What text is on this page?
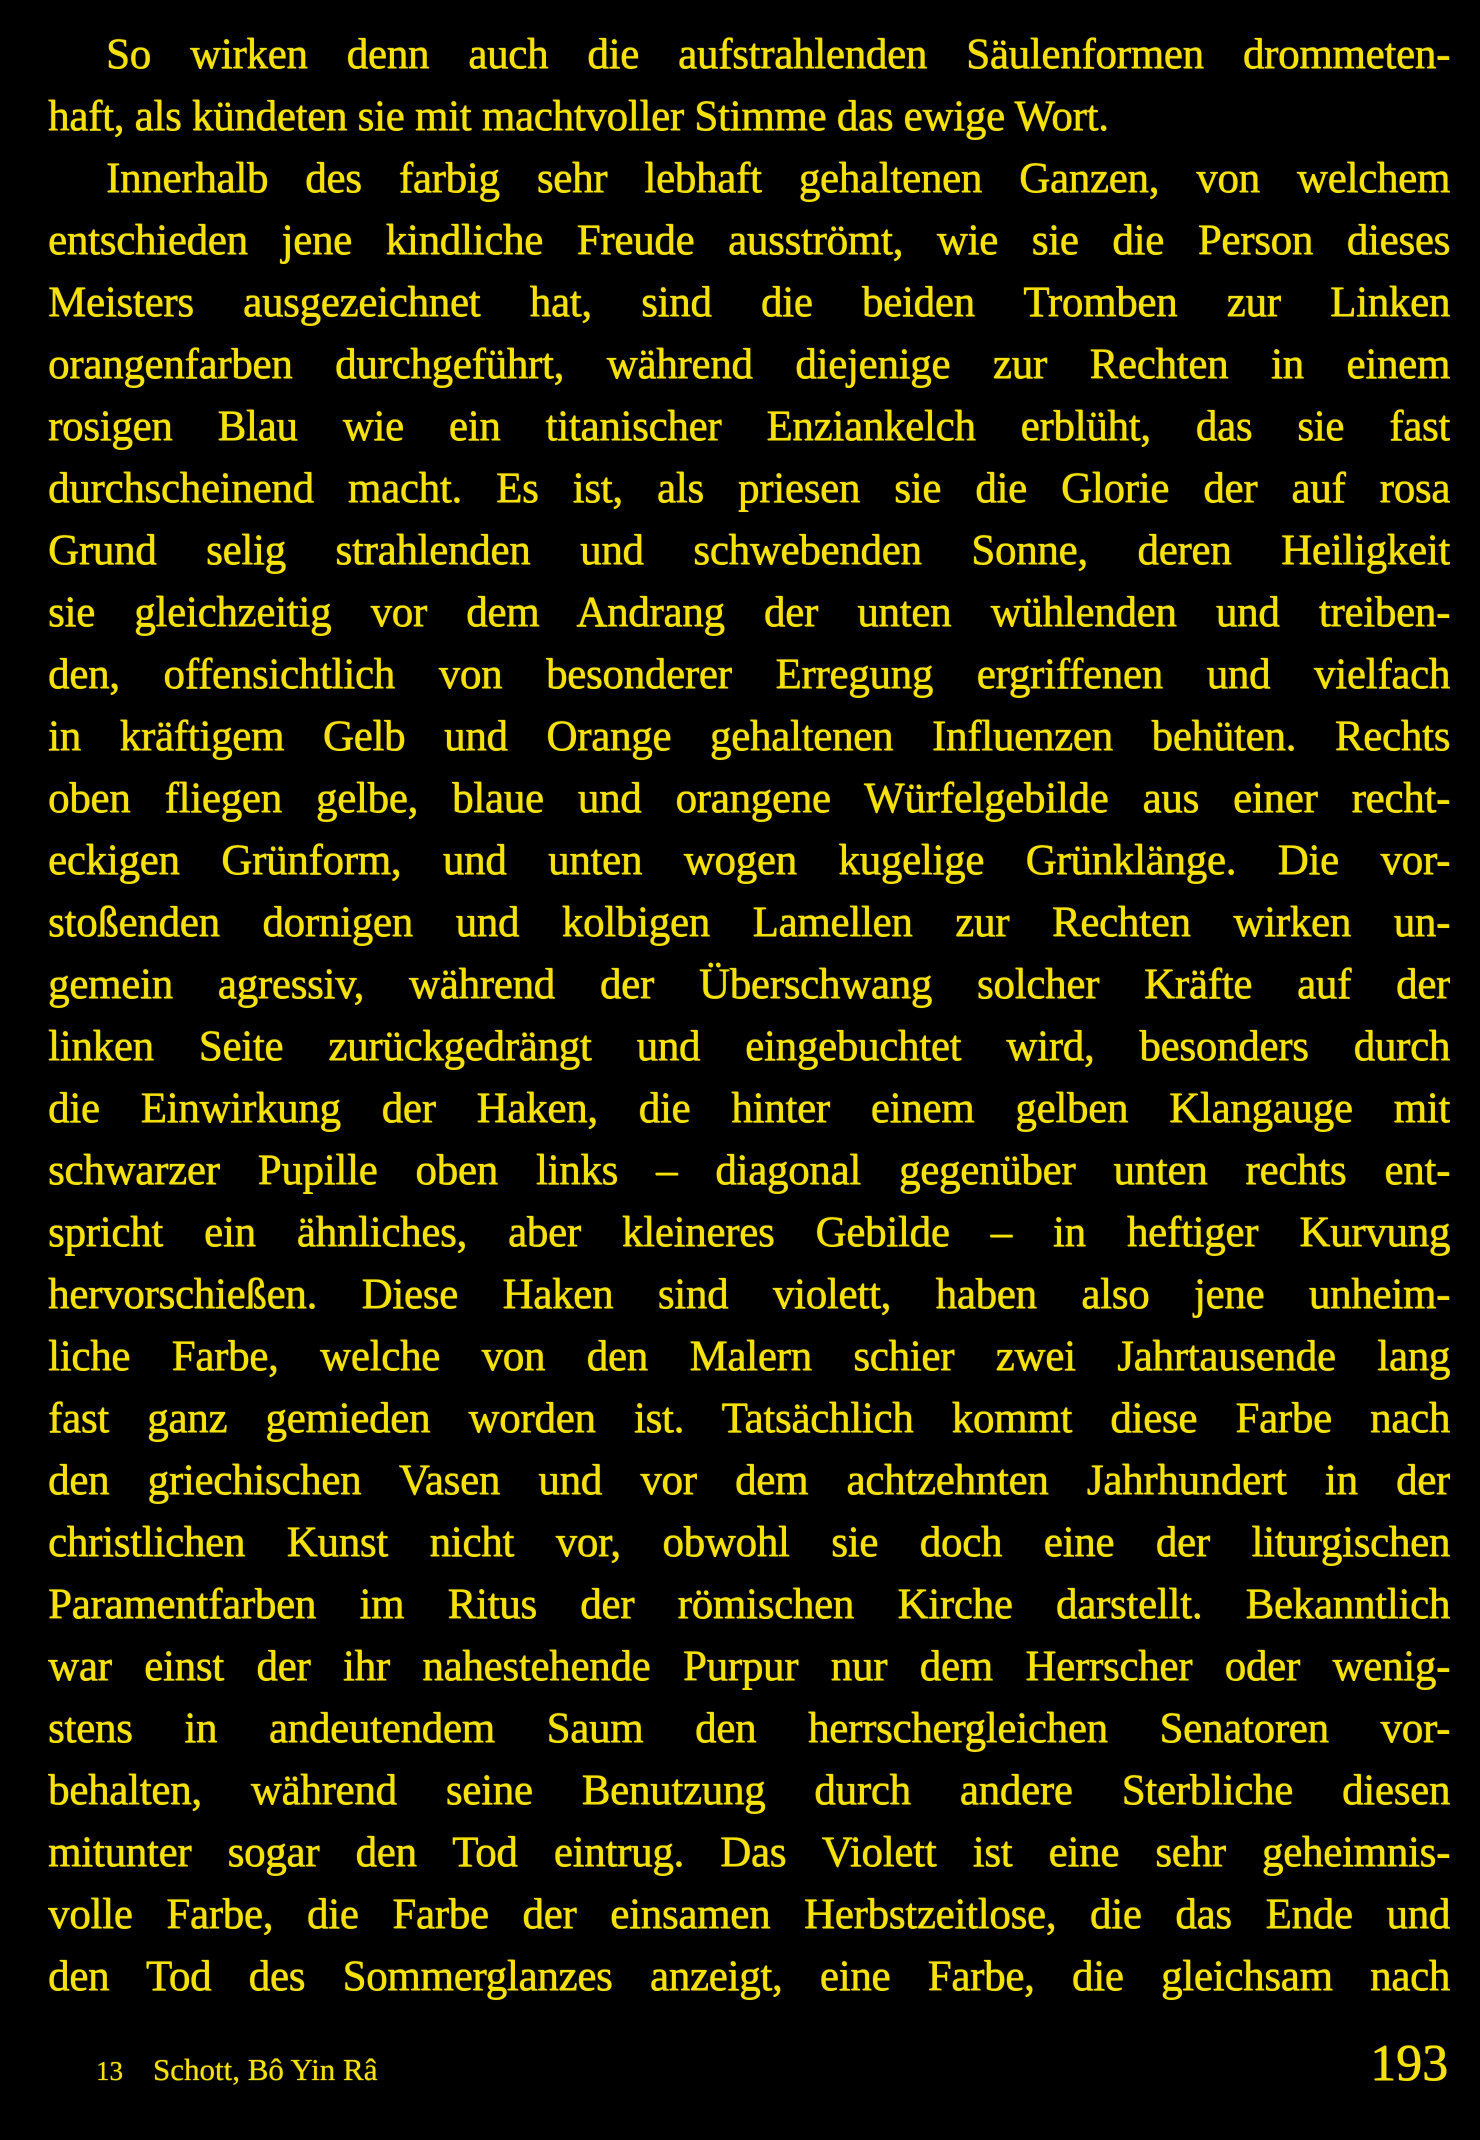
So wirken denn auch die aufstrahlenden Säulenformen drommeten-
haft, als kündeten sie mit machtvoller Stimme das ewige Wort.
Innerhalb des farbig sehr lebhaft gehaltenen Ganzen, von welchem
entschieden jene kindliche Freude ausströmt, wie sie die Person dieses
Meisters ausgezeichnet hat, sind die beiden Tromben zur Linken
orangenfarben durchgeführt, während diejenige zur Rechten in einem
rosigen Blau wie ein titanischer Enziankelch erblüht, das sie fast
durchscheinend macht. Es ist, als priesen sie die Glorie der auf rosa
Grund selig strahlenden und schwebenden Sonne, deren Heiligkeit
sie gleichzeitig vor dem Andrang der unten wühlenden und treiben-
den, offensichtlich von besonderer Erregung ergriffenen und vielfach
in kräftigem Gelb und Orange gehaltenen Influenzen behüten. Rechts
oben fliegen gelbe, blaue und orangene Würfelgebilde aus einer recht-
eckigen Grünform, und unten wogen kugelige Grünklänge. Die vor-
stoßenden dornigen und kolbigen Lamellen zur Rechten wirken un-
gemein agressiv, während der Überschwang solcher Kräfte auf der
linken Seite zurückgedrängt und eingebuchtet wird, besonders durch
die Einwirkung der Haken, die hinter einem gelben Klangauge mit
schwarzer Pupille oben links – diagonal gegenüber unten rechts ent-
spricht ein ähnliches, aber kleineres Gebilde – in heftiger Kurvung
hervorschießen. Diese Haken sind violett, haben also jene unheim-
liche Farbe, welche von den Malern schier zwei Jahrtausende lang
fast ganz gemieden worden ist. Tatsächlich kommt diese Farbe nach
den griechischen Vasen und vor dem achtzehnten Jahrhundert in der
christlichen Kunst nicht vor, obwohl sie doch eine der liturgischen
Paramentfarben im Ritus der römischen Kirche darstellt. Bekanntlich
war einst der ihr nahestehende Purpur nur dem Herrscher oder wenig-
stens in andeutendem Saum den herrschergleichen Senatoren vor-
behalten, während seine Benutzung durch andere Sterbliche diesen
mitunter sogar den Tod eintrug. Das Violett ist eine sehr geheimnis-
volle Farbe, die Farbe der einsamen Herbstzeitlose, die das Ende und
den Tod des Sommerglanzes anzeigt, eine Farbe, die gleichsam nach
13 Schott, Bô Yin Râ	193
